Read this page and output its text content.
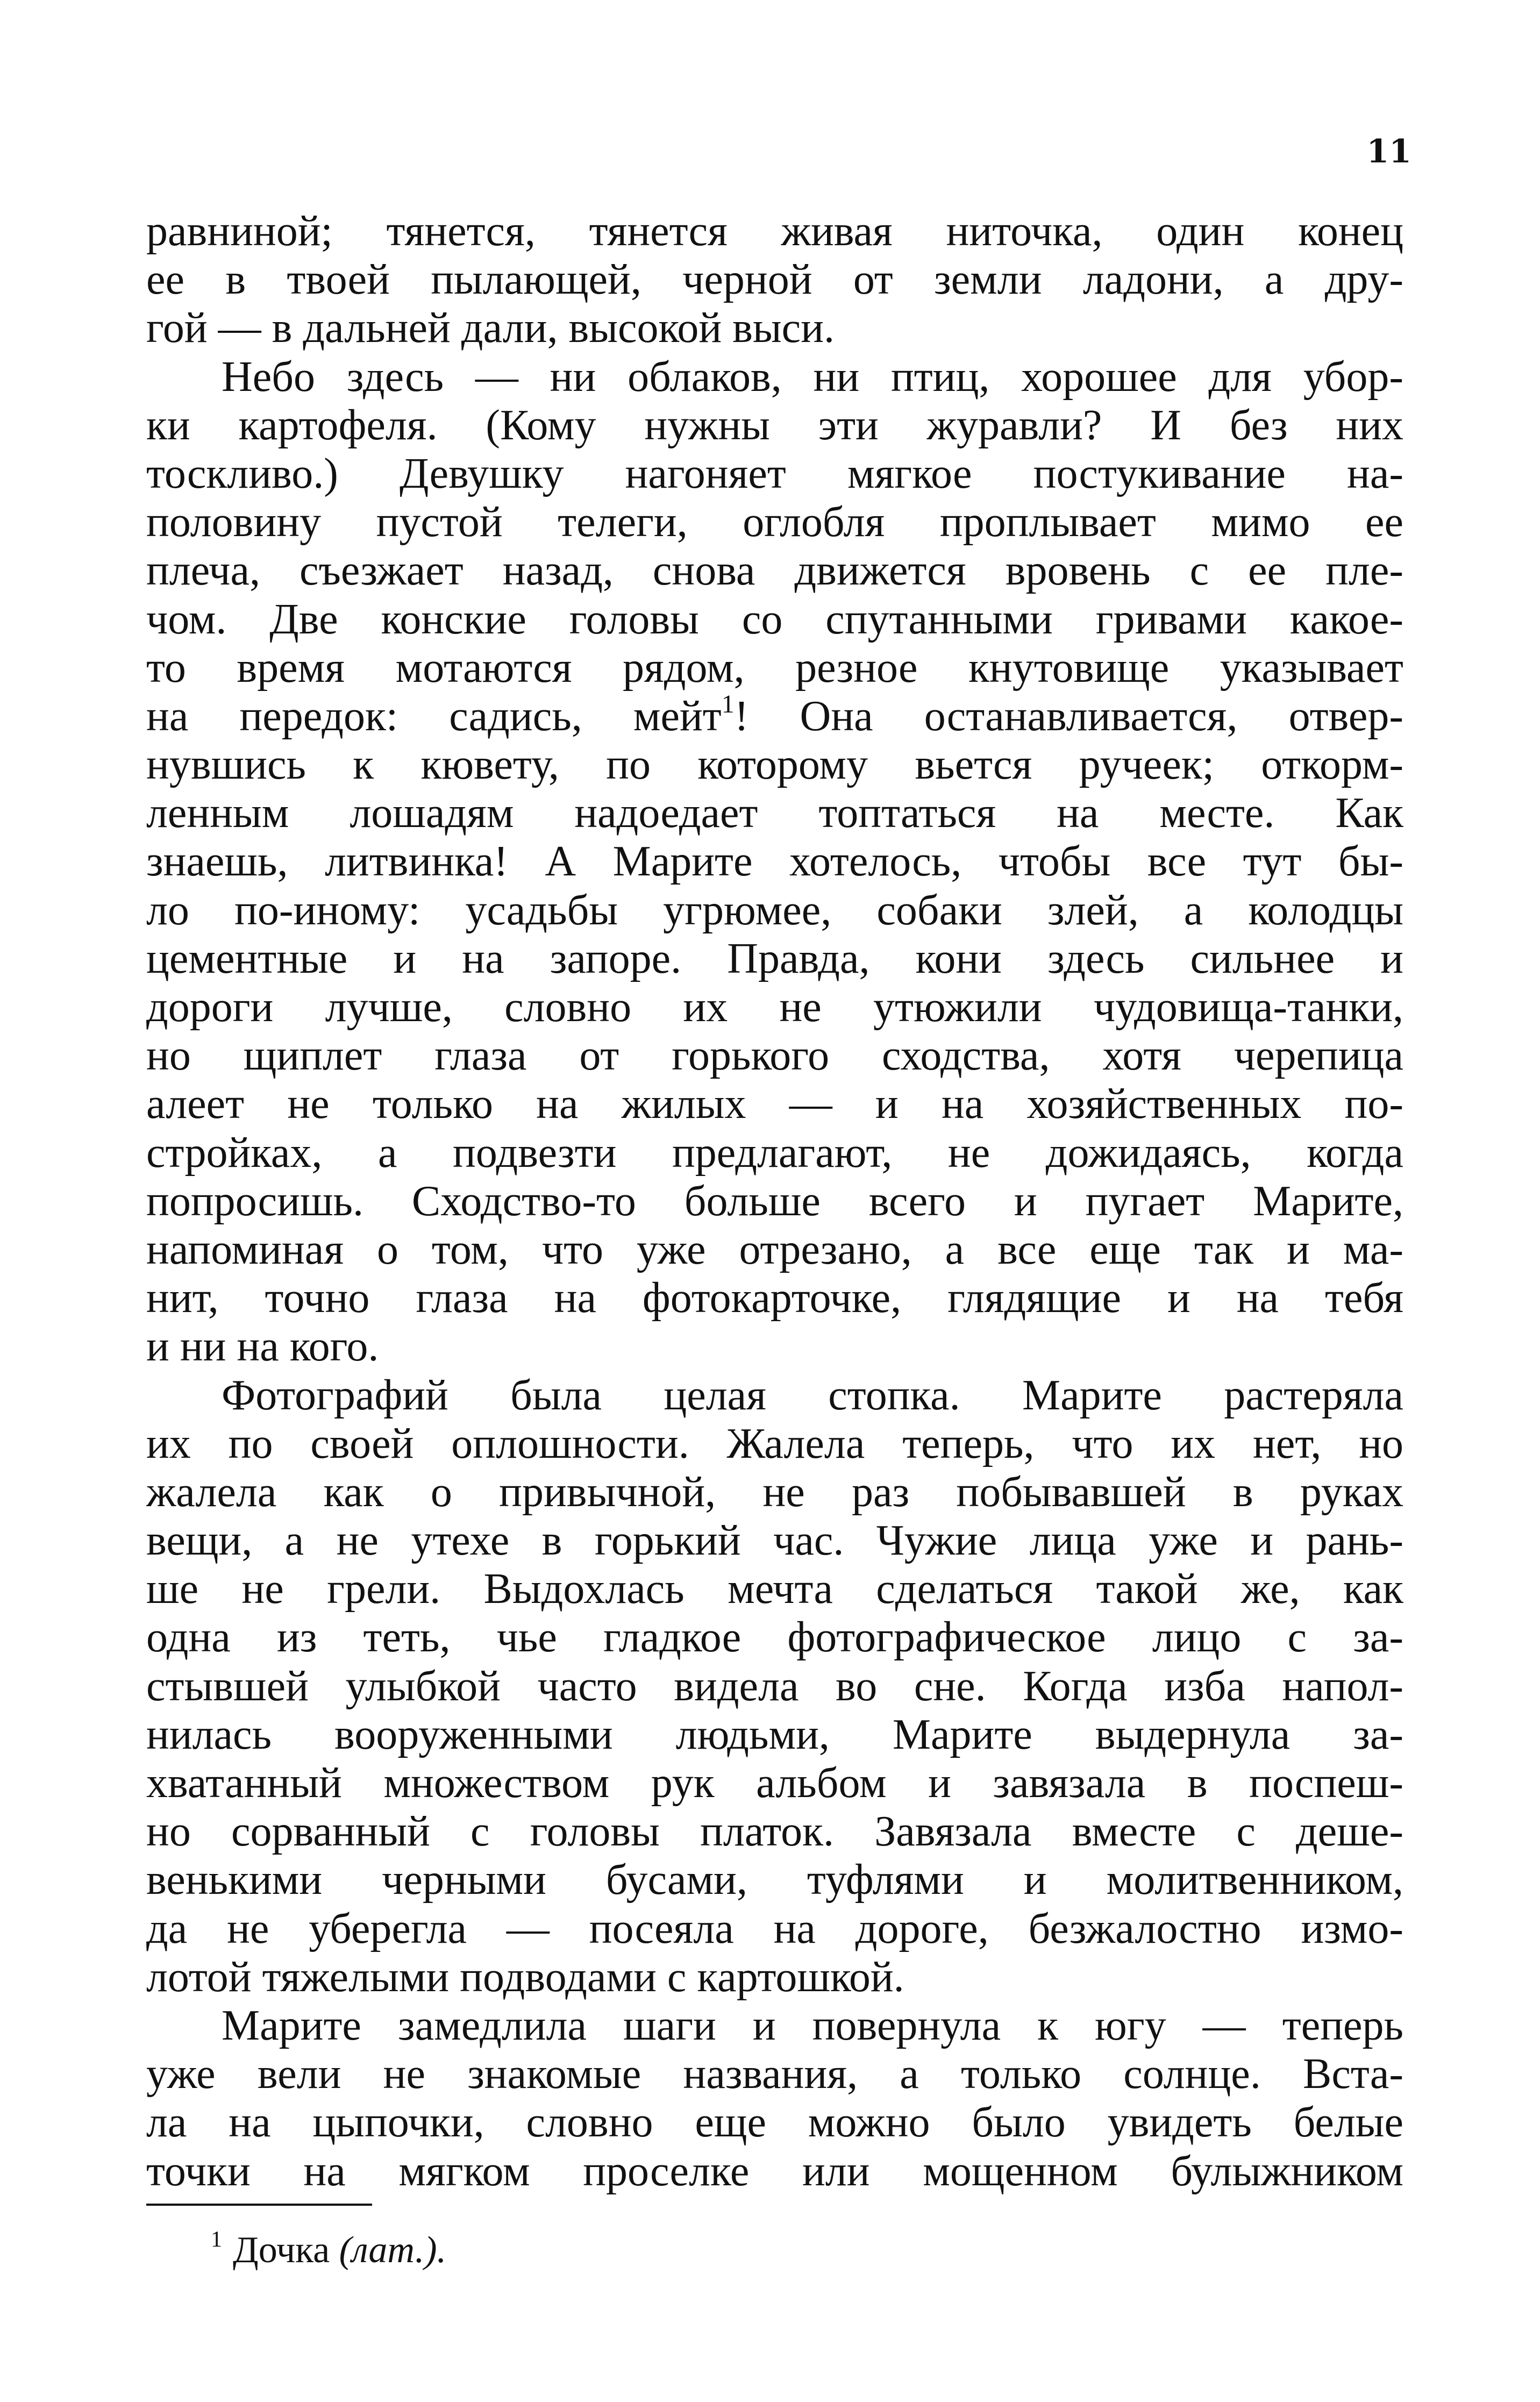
11
равниной; тянется, тянется живая ниточка, один конец
ее в твоей пылающей, черной от земли ладони, а дру-
гой — в дальней дали, высокой выси.
Небо здесь — ни облаков, ни птиц, хорошее для убор-
ки картофеля. (Кому нужны эти журавли? И без них
тоскливо.) Девушку нагоняет мягкое постукивание на-
половину пустой телеги, оглобля проплывает мимо ее
плеча, съезжает назад, снова движется вровень с ее пле-
чом. Две конские головы со спутанными гривами какое-
то время мотаются рядом, резное кнутовище указывает
на передок: садись, мейт$^1$! Она останавливается, отвер-
нувшись к кювету, по которому вьется ручеек; откорм-
ленным лошадям надоедает топтаться на месте. Как
знаешь, литвинка! А Марите хотелось, чтобы все тут бы-
ло по-иному: усадьбы угрюмее, собаки злей, а колодцы
цементные и на запоре. Правда, кони здесь сильнее и
дороги лучше, словно их не утюжили чудовища-танки,
но щиплет глаза от горького сходства, хотя черепица
алеет не только на жилых — и на хозяйственных по-
стройках, а подвезти предлагают, не дожидаясь, когда
попросишь. Сходство-то больше всего и пугает Марите,
напоминая о том, что уже отрезано, а все еще так и ма-
нит, точно глаза на фотокарточке, глядящие и на тебя
и ни на кого.
Фотографий была целая стопка. Марите растеряла
их по своей оплошности. Жалела теперь, что их нет, но
жалела как о привычной, не раз побывавшей в руках
вещи, а не утехе в горький час. Чужие лица уже и рань-
ше не грели. Выдохлась мечта сделаться такой же, как
одна из теть, чье гладкое фотографическое лицо с за-
стывшей улыбкой часто видела во сне. Когда изба напол-
нилась вооруженными людьми, Марите выдернула за-
хватанный множеством рук альбом и завязала в поспеш-
но сорванный с головы платок. Завязала вместе с деше-
венькими черными бусами, туфлями и молитвенником,
да не уберегла — посеяла на дороге, безжалостно измо-
лотой тяжелыми подводами с картошкой.
Марите замедлила шаги и повернула к югу — теперь
уже вели не знакомые названия, а только солнце. Вста-
ла на цыпочки, словно еще можно было увидеть белые
точки на мягком проселке или мощенном булыжником
$^1$ Дочка (лат.).
